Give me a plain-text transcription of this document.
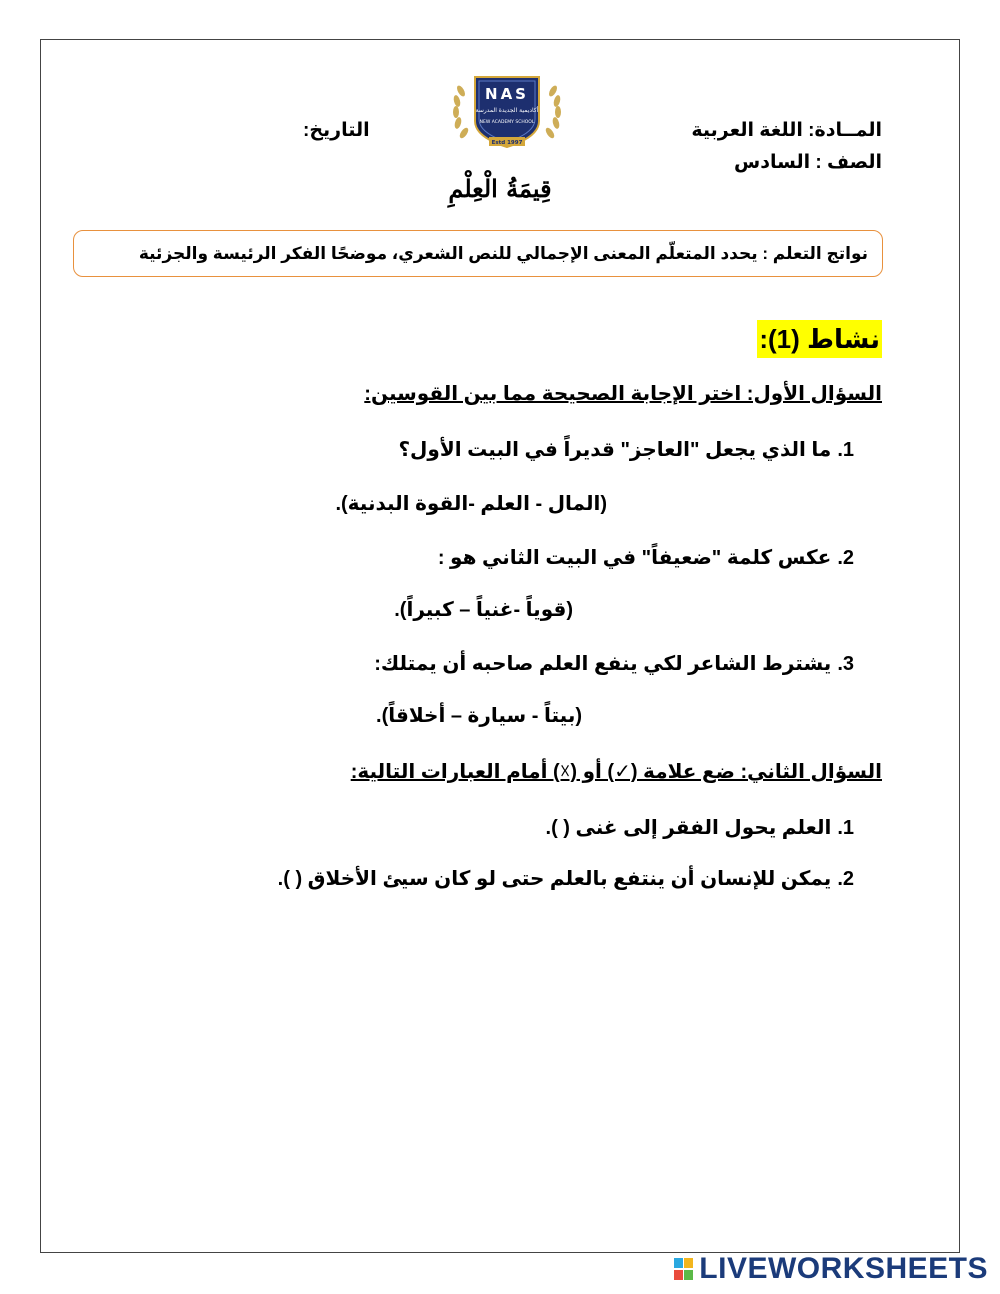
المــادة: اللغة العربية
الصف : السادس
التاريخ:
NAS
أكاديمية الجديدة المدرسة
NEW ACADEMY SCHOOL
Estd 1997
قِيمَةُ الْعِلْمِ
نواتج التعلم : يحدد المتعلّم المعنى الإجمالي للنص الشعري، موضحًا الفكر الرئيسة والجزئية
نشاط (1):
السؤال الأول: اختر الإجابة الصحيحة مما بين القوسين:
1.ما الذي يجعل "العاجز" قديراً في البيت الأول؟
(المال - العلم -القوة البدنية).
2.عكس كلمة "ضعيفاً" في البيت الثاني هو :
(قوياً -غنياً – كبيراً).
3.يشترط الشاعر لكي ينفع العلم صاحبه أن يمتلك:
(بيتاً - سيارة – أخلاقاً).
السؤال الثاني: ضع علامة (✓) أو (☓) أمام العبارات التالية:
1.العلم يحول الفقر إلى غنى ( ).
2.يمكن للإنسان أن ينتفع بالعلم حتى لو كان سيئ الأخلاق ( ).
LIVEWORKSHEETS
